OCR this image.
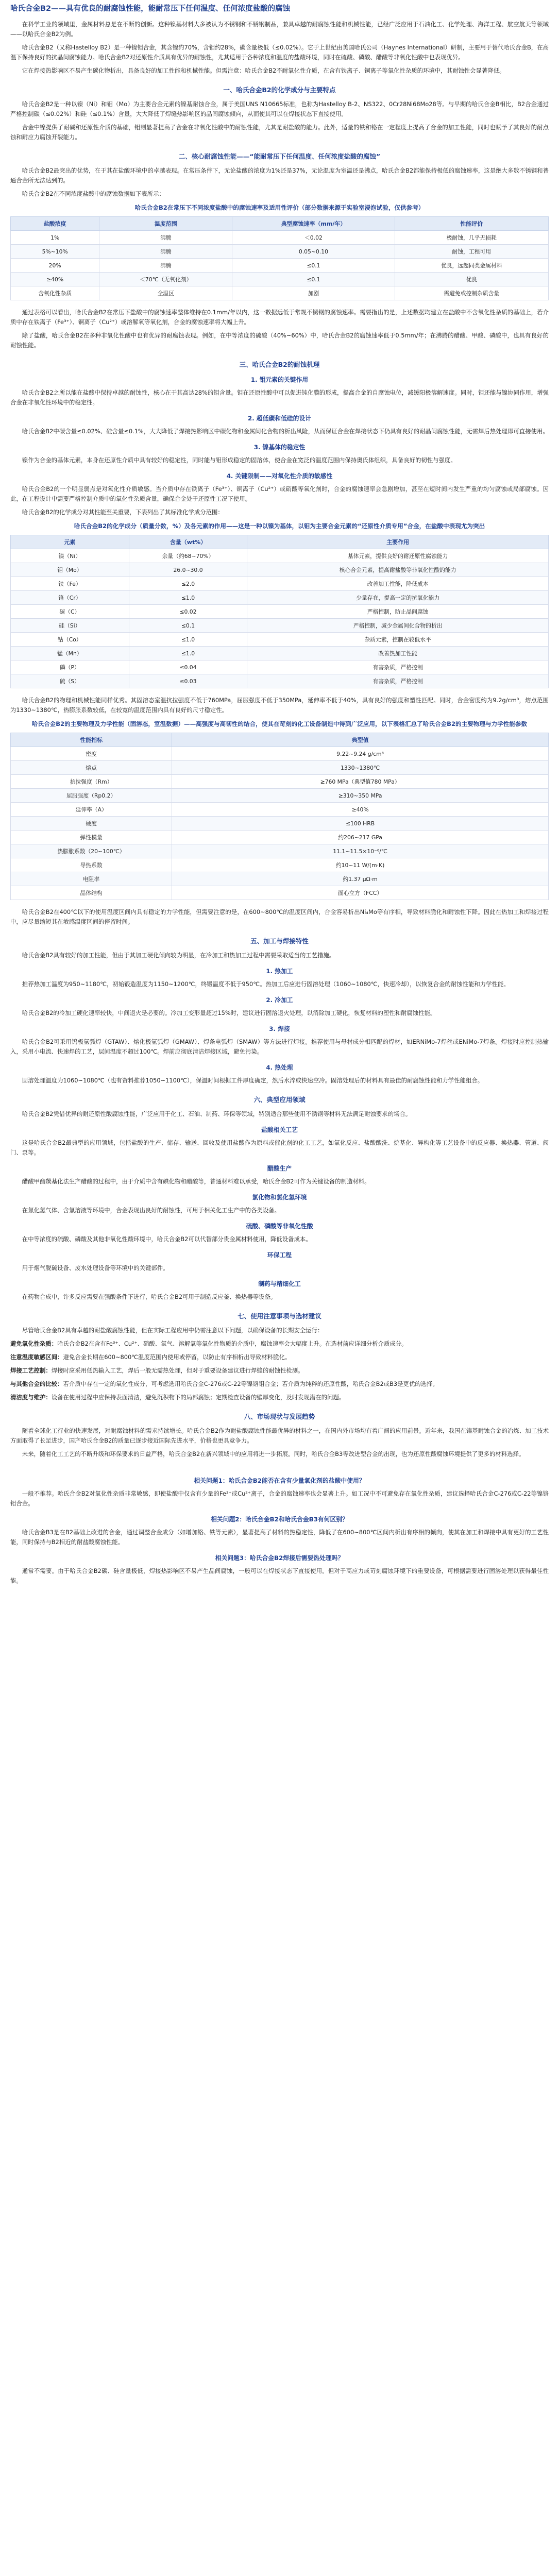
哈氏合金B2——具有优良的耐腐蚀性能，能耐常压下任何温度、任何浓度盐酸的腐蚀

在科学工业的领域里，金属材料总是在不断的创新。这种镍基材料大多被认为不锈钢和不锈钢制品，兼具卓越的耐腐蚀性能和机械性能，已经广泛应用于石油化工、化学处理、海洋工程、航空航天等领域——以哈氏合金B2为例。

哈氏合金B2（又称Hastelloy B2）是一种镍钼合金，其含镍约70%，含钼约28%，碳含量极低（≤0.02%）。它于上世纪由美国哈氏公司（Haynes International）研制，主要用于替代哈氏合金B，在高温下保持良好的抗晶间腐蚀能力。哈氏合金B2对还原性介质具有优异的耐蚀性，尤其适用于各种浓度和温度的盐酸环境，同时在硫酸、磷酸、醋酸等非氧化性酸中也表现优异。

它在焊接热影响区不易产生碳化物析出，具备良好的加工性能和机械性能。但需注意：哈氏合金B2不耐氧化性介质，在含有铁离子、铜离子等氧化性杂质的环境中，其耐蚀性会显著降低。

一、哈氏合金B2的化学成分与主要特点

哈氏合金B2是一种以镍（Ni）和钼（Mo）为主要合金元素的镍基耐蚀合金，属于美国UNS N10665标准，也称为Hastelloy B-2、NS322、0Cr28Ni68Mo28等。与早期的哈氏合金B相比，B2合金通过严格控制碳（≤0.02%）和硅（≤0.1%）含量，大大降低了焊缝热影响区的晶间腐蚀倾向，从而使其可以在焊接状态下直接使用。

合金中镍提供了耐碱和还原性介质的基础，钼则显著提高了合金在非氧化性酸中的耐蚀性能，尤其是耐盐酸的能力。此外，适量的铁和铬在一定程度上提高了合金的加工性能，同时也赋予了其良好的耐点蚀和耐应力腐蚀开裂能力。

二、核心耐腐蚀性能——“能耐常压下任何温度、任何浓度盐酸的腐蚀”

哈氏合金B2最突出的优势，在于其在盐酸环境中的卓越表现。在常压条件下，无论盐酸的浓度为1%还是37%，无论温度为室温还是沸点，哈氏合金B2都能保持极低的腐蚀速率，这是绝大多数不锈钢和普通合金所无法达到的。

哈氏合金B2在不同浓度盐酸中的腐蚀数据如下表所示：

哈氏合金B2在常压下不同浓度盐酸中的腐蚀速率及适用性评价（部分数据来源于实验室浸泡试验，仅供参考）
盐酸浓度	温度范围	典型腐蚀速率（mm/年）	性能评价
1%	沸腾	＜0.02	极耐蚀，几乎无损耗
5%~10%	沸腾	0.05~0.10	耐蚀，工程可用
20%	沸腾	≤0.1	优良，远超同类金属材料
≥40%	＜70℃（无氧化剂）	≤0.1	优良
含氧化性杂质	全温区	加剧	需避免或控制杂质含量

通过表格可以看出，哈氏合金B2在常压下盐酸中的腐蚀速率整体维持在0.1mm/年以内，这一数据远低于常规不锈钢的腐蚀速率。需要指出的是，上述数据均建立在盐酸中不含氧化性杂质的基础上，若介质中存在铁离子（Fe³⁺）、铜离子（Cu²⁺）或溶解氧等氧化剂，合金的腐蚀速率将大幅上升。

除了盐酸，哈氏合金B2在多种非氧化性酸中也有优异的耐腐蚀表现。例如，在中等浓度的硫酸（40%~60%）中，哈氏合金B2的腐蚀速率低于0.5mm/年；在沸腾的醋酸、甲酸、磷酸中，也具有良好的耐蚀性能。

三、哈氏合金B2的耐蚀机理
1. 钼元素的关键作用

哈氏合金B2之所以能在盐酸中保持卓越的耐蚀性，核心在于其高达28%的钼含量。钼在还原性酸中可以促进钝化膜的形成，提高合金的自腐蚀电位，减缓阳极溶解速度。同时，钼还能与镍协同作用，增强合金在非氧化性环境中的稳定性。

2. 超低碳和低硅的设计

哈氏合金B2中碳含量≤0.02%、硅含量≤0.1%，大大降低了焊接热影响区中碳化物和金属间化合物的析出风险，从而保证合金在焊接状态下仍具有良好的耐晶间腐蚀性能，无需焊后热处理即可直接使用。

3. 镍基体的稳定性

镍作为合金的基体元素，本身在还原性介质中具有较好的稳定性，同时能与钼形成稳定的固溶体，使合金在宽泛的温度范围内保持奥氏体组织，具备良好的韧性与强度。

4. 关键限制——对氧化性介质的敏感性

哈氏合金B2的一个明显弱点是对氧化性介质敏感。当介质中存在铁离子（Fe³⁺）、铜离子（Cu²⁺）或硝酸等氧化剂时，合金的腐蚀速率会急剧增加，甚至在短时间内发生严重的均匀腐蚀或局部腐蚀。因此，在工程设计中需要严格控制介质中的氧化性杂质含量，确保合金处于还原性工况下使用。

哈氏合金B2的化学成分对其性能至关重要，下表列出了其标准化学成分范围：

哈氏合金B2的化学成分（质量分数，%）及各元素的作用——这是一种以镍为基体，以钼为主要合金元素的“还原性介质专用”合金，在盐酸中表现尤为突出
元素	含量（wt%）	主要作用
镍（Ni）	余量（约68~70%）	基体元素，提供良好的耐还原性腐蚀能力
钼（Mo）	26.0~30.0	核心合金元素，提高耐盐酸等非氧化性酸的能力
铁（Fe）	≤2.0	改善加工性能，降低成本
铬（Cr）	≤1.0	少量存在，提高一定的抗氧化能力
碳（C）	≤0.02	严格控制，防止晶间腐蚀
硅（Si）	≤0.1	严格控制，减少金属间化合物的析出
钴（Co）	≤1.0	杂质元素，控制在较低水平
锰（Mn）	≤1.0	改善热加工性能
磷（P）	≤0.04	有害杂质，严格控制
硫（S）	≤0.03	有害杂质，严格控制

哈氏合金B2的物理和机械性能同样优秀。其固溶态室温抗拉强度不低于760MPa，屈服强度不低于350MPa，延伸率不低于40%，具有良好的强度和塑性匹配。同时，合金密度约为9.2g/cm³，熔点范围为1330~1380℃，热膨胀系数较低，在较宽的温度范围内具有良好的尺寸稳定性。

哈氏合金B2的主要物理及力学性能（固溶态，室温数据）——高强度与高韧性的结合，使其在苛刻的化工设备制造中得到广泛应用，以下表格汇总了哈氏合金B2的主要物理与力学性能参数
性能指标	典型值
密度	9.22~9.24 g/cm³
熔点	1330~1380℃
抗拉强度（Rm）	≥760 MPa（典型值780 MPa）
屈服强度（Rp0.2）	≥310~350 MPa
延伸率（A）	≥40%
硬度	≤100 HRB
弹性模量	约206~217 GPa
热膨胀系数（20~100℃）	11.1~11.5×10⁻⁶/℃
导热系数	约10~11 W/(m·K)
电阻率	约1.37 μΩ·m
晶体结构	面心立方（FCC）

哈氏合金B2在400℃以下的使用温度区间内具有稳定的力学性能，但需要注意的是，在600~800℃的温度区间内，合金容易析出Ni₄Mo等有序相，导致材料脆化和耐蚀性下降。因此在热加工和焊接过程中，应尽量缩短其在敏感温度区间的停留时间。

五、加工与焊接特性

哈氏合金B2具有较好的加工性能，但由于其加工硬化倾向较为明显，在冷加工和热加工过程中需要采取适当的工艺措施。

1. 热加工

推荐热加工温度为950~1180℃，初始锻造温度为1150~1200℃，终锻温度不低于950℃。热加工后应进行固溶处理（1060~1080℃，快速冷却），以恢复合金的耐蚀性能和力学性能。

2. 冷加工

哈氏合金B2的冷加工硬化速率较快，中间退火是必要的。冷加工变形量超过15%时，建议进行固溶退火处理，以消除加工硬化，恢复材料的塑性和耐腐蚀性能。

3. 焊接

哈氏合金B2可采用钨极氩弧焊（GTAW）、熔化极氩弧焊（GMAW）、焊条电弧焊（SMAW）等方法进行焊接。推荐使用与母材成分相匹配的焊材，如ERNiMo-7焊丝或ENiMo-7焊条。焊接时应控制热输入，采用小电流、快速焊的工艺，层间温度不超过100℃。焊前应彻底清洁焊接区域，避免污染。

4. 热处理

固溶处理温度为1060~1080℃（也有资料推荐1050~1100℃），保温时间根据工件厚度确定，然后水淬或快速空冷。固溶处理后的材料具有最佳的耐腐蚀性能和力学性能组合。

六、典型应用领域

哈氏合金B2凭借优异的耐还原性酸腐蚀性能，广泛应用于化工、石油、制药、环保等领域，特别适合那些使用不锈钢等材料无法满足耐蚀要求的场合。

盐酸相关工艺

这是哈氏合金B2最典型的应用领域，包括盐酸的生产、储存、输送、回收及使用盐酸作为原料或催化剂的化工工艺，如氯化反应、盐酸酸洗、烷基化、异构化等工艺设备中的反应器、换热器、管道、阀门、泵等。

醋酸生产

醋酸甲酯羰基化法生产醋酸的过程中，由于介质中含有碘化物和醋酸等，普通材料难以承受，哈氏合金B2可作为关键设备的制造材料。

氯化物和氯化氢环境

在氯化氢气体、含氯溶液等环境中，合金表现出良好的耐蚀性，可用于相关化工生产中的各类设备。

硫酸、磷酸等非氧化性酸

在中等浓度的硫酸、磷酸及其他非氧化性酸环境中，哈氏合金B2可以代替部分贵金属材料使用，降低设备成本。

环保工程

用于烟气脱硫设备、废水处理设备等环境中的关键部件。

制药与精细化工

在药物合成中，许多反应需要在强酸条件下进行，哈氏合金B2可用于制造反应釜、换热器等设备。

七、使用注意事项与选材建议

尽管哈氏合金B2具有卓越的耐盐酸腐蚀性能，但在实际工程应用中仍需注意以下问题，以确保设备的长期安全运行：

避免氧化性杂质：哈氏合金B2在含有Fe³⁺、Cu²⁺、硝酸、氯气、溶解氧等氧化性物质的介质中，腐蚀速率会大幅度上升。在选材前应详细分析介质成分。

注意温度敏感区间：避免合金长期在600~800℃温度范围内使用或停留，以防止有序相析出导致材料脆化。

焊接工艺控制：焊接时应采用低热输入工艺，焊后一般无需热处理，但对于重要设备建议进行焊缝的耐蚀性检测。

与其他合金的比较：若介质中存在一定的氧化性成分，可考虑选用哈氏合金C-276或C-22等镍铬钼合金；若介质为纯粹的还原性酸，哈氏合金B2或B3是更优的选择。

清洁度与维护：设备在使用过程中应保持表面清洁，避免沉积物下的局部腐蚀；定期检查设备的壁厚变化，及时发现潜在的问题。

八、市场现状与发展趋势

随着全球化工行业的快速发展，对耐腐蚀材料的需求持续增长。哈氏合金B2作为耐盐酸腐蚀性能最优异的材料之一，在国内外市场均有着广阔的应用前景。近年来，我国在镍基耐蚀合金的冶炼、加工技术方面取得了长足进步，国产哈氏合金B2的质量已逐步接近国际先进水平，价格也更具竞争力。

未来，随着化工工艺的不断升级和环保要求的日益严格，哈氏合金B2在新兴领域中的应用将进一步拓展。同时，哈氏合金B3等改进型合金的出现，也为还原性酸腐蚀环境提供了更多的材料选择。

相关问题1：哈氏合金B2能否在含有少量氧化剂的盐酸中使用？

一般不推荐。哈氏合金B2对氧化性杂质非常敏感，即使盐酸中仅含有少量的Fe³⁺或Cu²⁺离子，合金的腐蚀速率也会显著上升。如工况中不可避免存在氧化性杂质，建议选择哈氏合金C-276或C-22等镍铬钼合金。

相关问题2：哈氏合金B2和哈氏合金B3有何区别？

哈氏合金B3是在B2基础上改进的合金，通过调整合金成分（如增加铬、铁等元素），显著提高了材料的热稳定性，降低了在600~800℃区间内析出有序相的倾向，使其在加工和焊接中具有更好的工艺性能，同时保持与B2相近的耐盐酸腐蚀性能。

相关问题3：哈氏合金B2焊接后需要热处理吗？

通常不需要。由于哈氏合金B2碳、硅含量极低，焊接热影响区不易产生晶间腐蚀，一般可以在焊接状态下直接使用。但对于高应力或苛刻腐蚀环境下的重要设备，可根据需要进行固溶处理以获得最佳性能。
